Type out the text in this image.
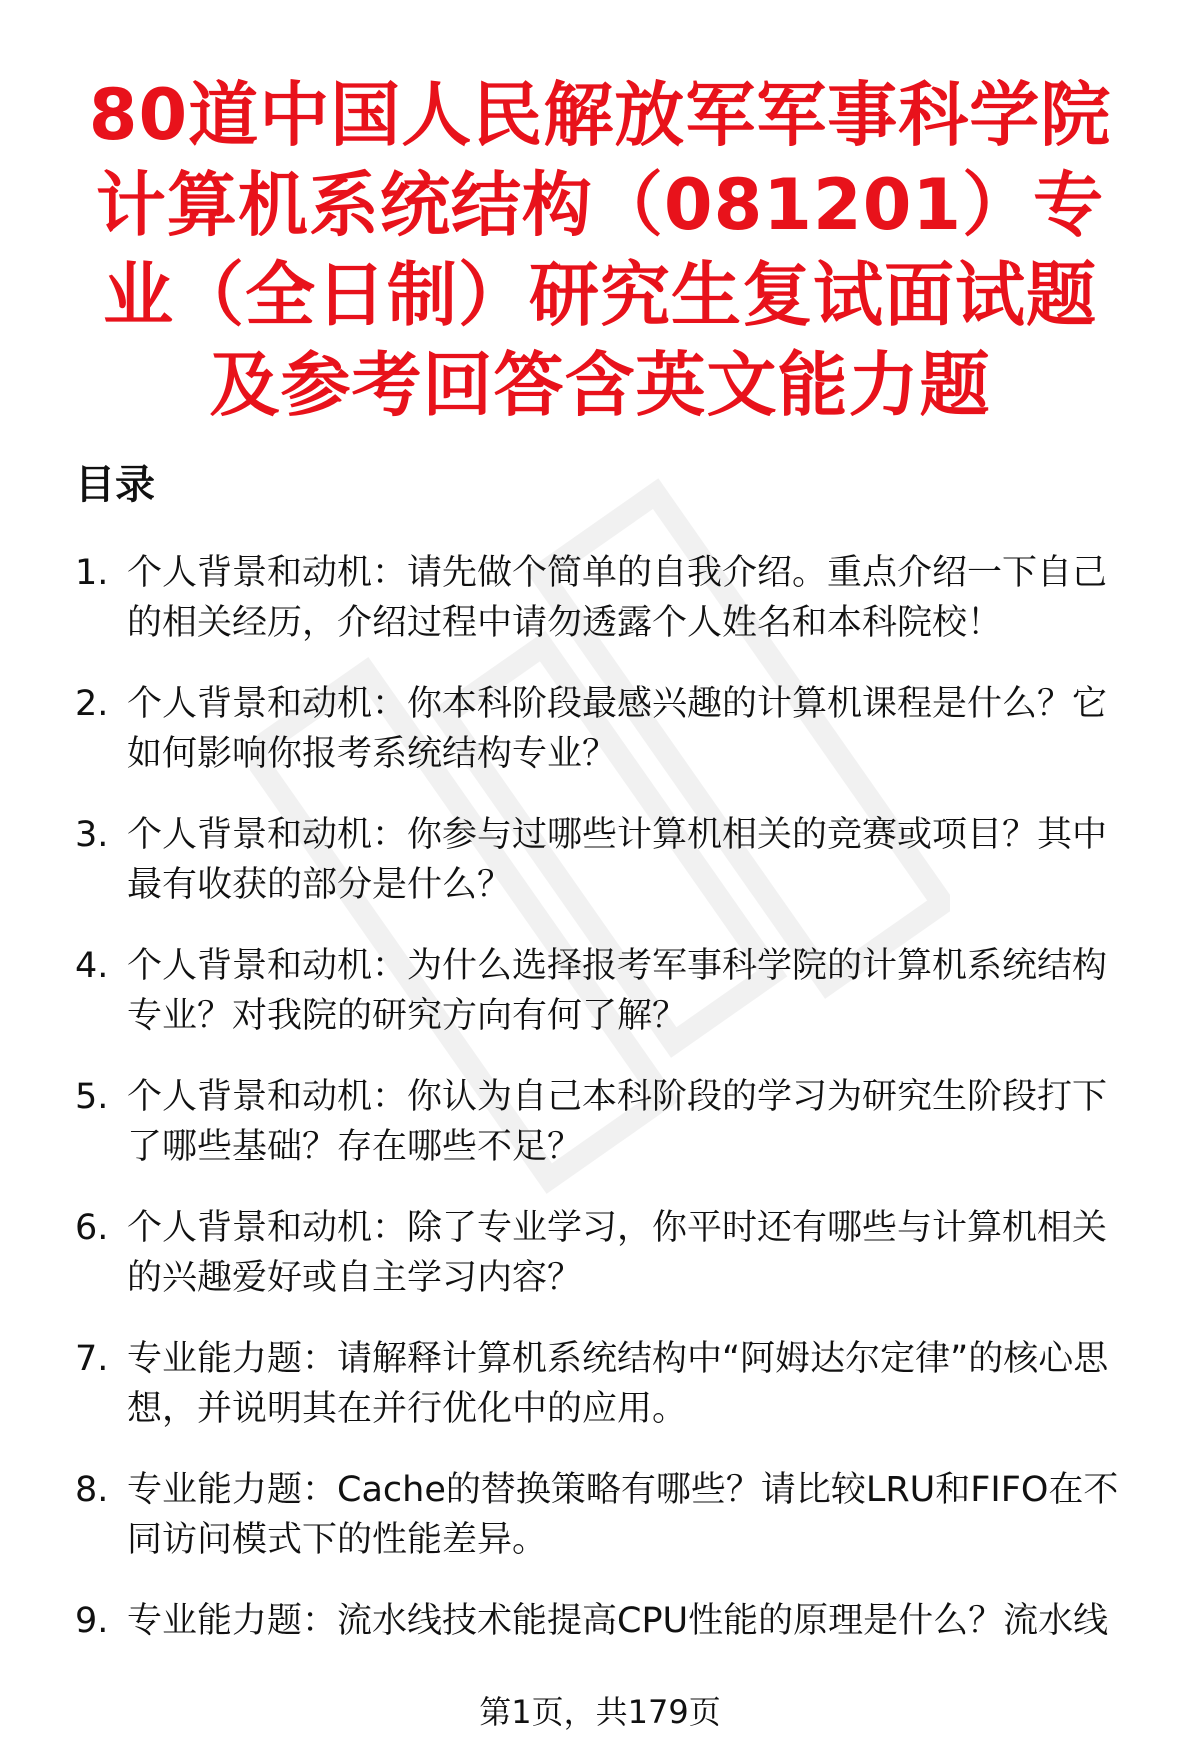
80道中国人民解放军军事科学院计算机系统结构（081201）专业（全日制）研究生复试面试题及参考回答含英文能力题
目录
1. 个人背景和动机：请先做个简单的自我介绍。重点介绍一下自己的相关经历，介绍过程中请勿透露个人姓名和本科院校！
2. 个人背景和动机：你本科阶段最感兴趣的计算机课程是什么？它如何影响你报考系统结构专业？
3. 个人背景和动机：你参与过哪些计算机相关的竞赛或项目？其中最有收获的部分是什么？
4. 个人背景和动机：为什么选择报考军事科学院的计算机系统结构专业？对我院的研究方向有何了解？
5. 个人背景和动机：你认为自己本科阶段的学习为研究生阶段打下了哪些基础？存在哪些不足？
6. 个人背景和动机：除了专业学习，你平时还有哪些与计算机相关的兴趣爱好或自主学习内容？
7. 专业能力题：请解释计算机系统结构中“阿姆达尔定律”的核心思想，并说明其在并行优化中的应用。
8. 专业能力题：Cache的替换策略有哪些？请比较LRU和FIFO在不同访问模式下的性能差异。
9. 专业能力题：流水线技术能提高CPU性能的原理是什么？流水线
第1页，共179页
